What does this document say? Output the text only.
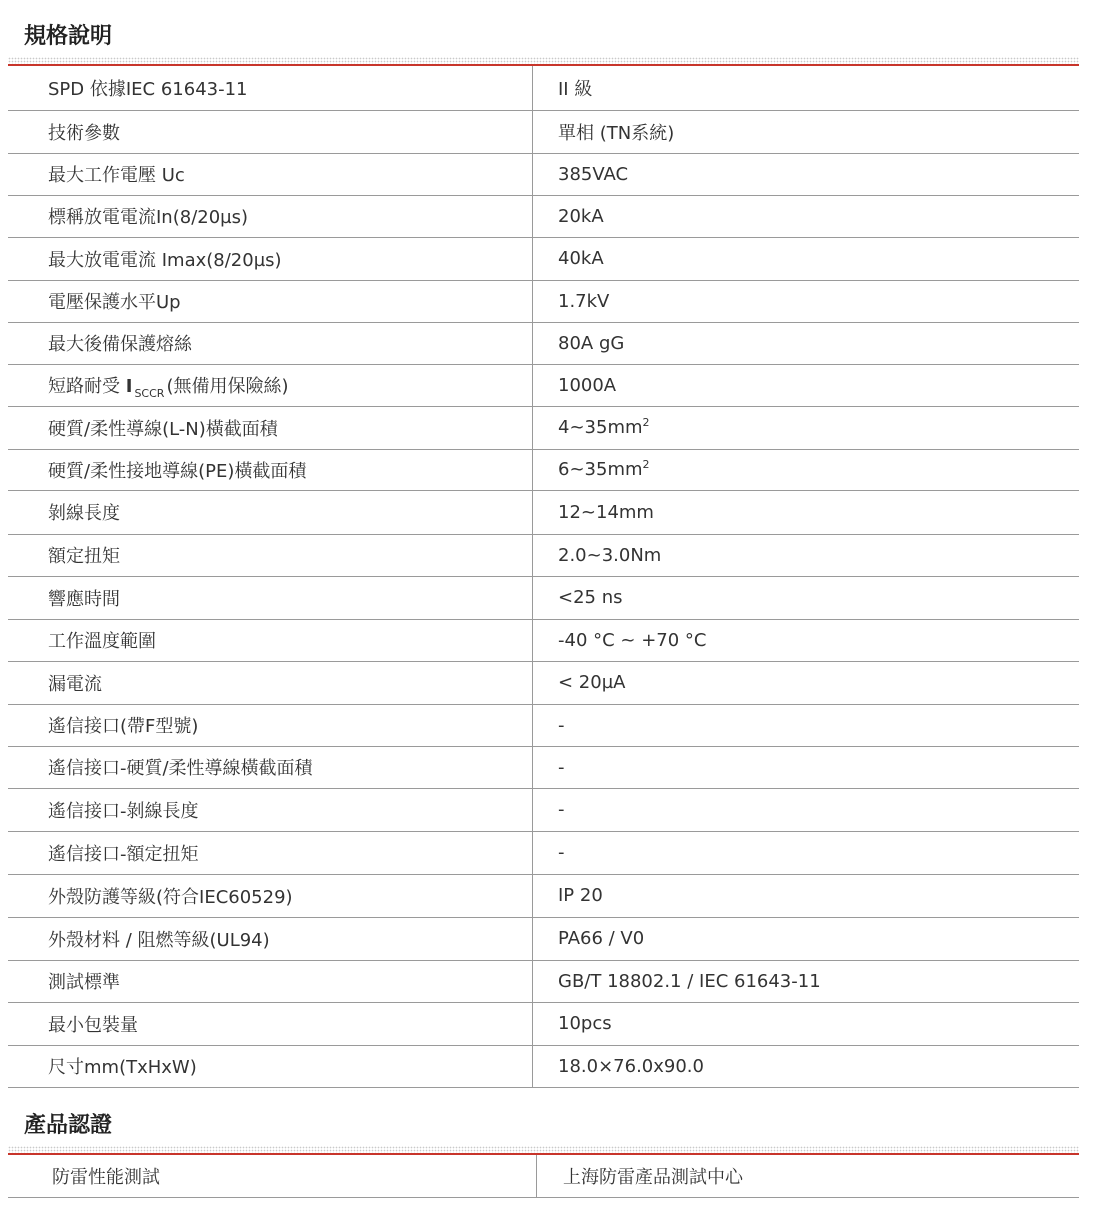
規格說明
SPD 依據IEC 61643-11	II 級
技術參數	單相 (TN系統)
最大工作電壓 Uc	385VAC
標稱放電電流In(8/20µs)	20kA
最大放電電流 Imax(8/20µs)	40kA
電壓保護水平Up	1.7kV
最大後備保護熔絲	80A gG
短路耐受 I $_{SCCR}$ (無備用保險絲)	1000A
硬質/柔性導線(L-N)橫截面積	$4\sim 35mm^2$
硬質/柔性接地導線(PE)橫截面積	$6\sim 35mm^2$
剝線長度	12~14mm
額定扭矩	2.0~3.0Nm
響應時間	<25 ns
工作溫度範圍	-40 °C ~ +70 °C
漏電流	< 20µA
遙信接口(帶F型號)	-
遙信接口-硬質/柔性導線橫截面積	-
遙信接口-剝線長度	-
遙信接口-額定扭矩	-
外殼防護等級(符合IEC60529)	IP 20
外殼材料 / 阻燃等級(UL94)	PA66 / V0
測試標準	GB/T 18802.1 / IEC 61643-11
最小包裝量	10pcs
尺寸mm(TxHxW)	18.0×76.0x90.0
產品認證
防雷性能測試	上海防雷產品測試中心
